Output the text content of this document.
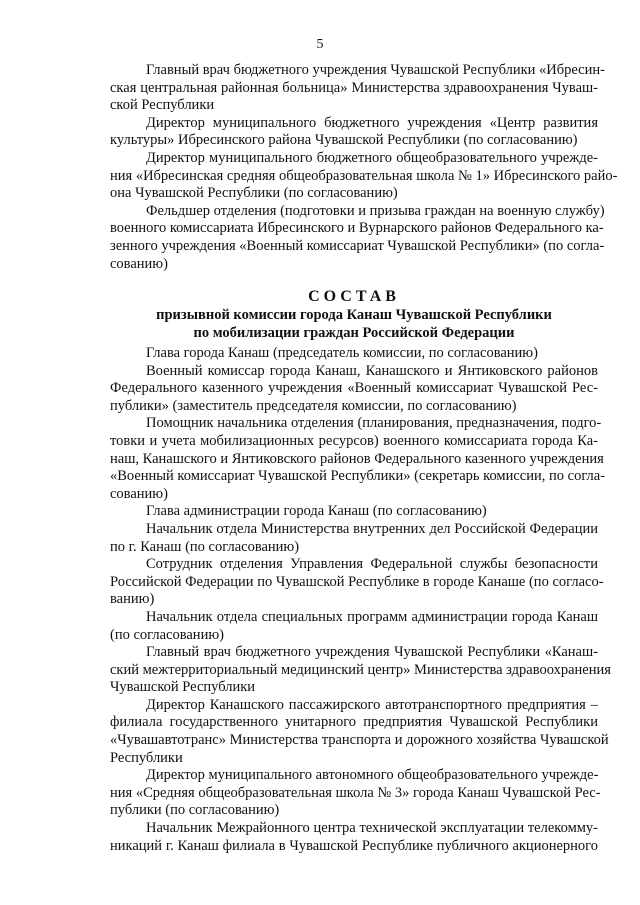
5

Главный врач бюджетного учреждения Чувашской Республики «Ибресин-
ская центральная районная больница» Министерства здравоохранения Чуваш-
ской Республики

Директор муниципального бюджетного учреждения «Центр развития
культуры» Ибресинского района Чувашской Республики (по согласованию)

Директор муниципального бюджетного общеобразовательного учрежде-
ния «Ибресинская средняя общеобразовательная школа № 1» Ибресинского райо-
она Чувашской Республики (по согласованию)

Фельдшер отделения (подготовки и призыва граждан на военную службу)
военного комиссариата Ибресинского и Вурнарского районов Федерального ка-
зенного учреждения «Военный комиссариат Чувашской Республики» (по согла-
сованию)

СОСТАВ
призывной комиссии города Канаш Чувашской Республики
по мобилизации граждан Российской Федерации

Глава города Канаш (председатель комиссии, по согласованию)

Военный комиссар города Канаш, Канашского и Янтиковского районов
Федерального казенного учреждения «Военный комиссариат Чувашской Рес-
публики» (заместитель председателя комиссии, по согласованию)

Помощник начальника отделения (планирования, предназначения, подго-
товки и учета мобилизационных ресурсов) военного комиссариата города Ка-
наш, Канашского и Янтиковского районов Федерального казенного учреждения
«Военный комиссариат Чувашской Республики» (секретарь комиссии, по согла-
сованию)

Глава администрации города Канаш (по согласованию)

Начальник отдела Министерства внутренних дел Российской Федерации
по г. Канаш (по согласованию)

Сотрудник отделения Управления Федеральной службы безопасности
Российской Федерации по Чувашской Республике в городе Канаше (по согласо-
ванию)

Начальник отдела специальных программ администрации города Канаш
(по согласованию)

Главный врач бюджетного учреждения Чувашской Республики «Канаш-
ский межтерриториальный медицинский центр» Министерства здравоохранения
Чувашской Республики

Директор Канашского пассажирского автотранспортного предприятия –
филиала государственного унитарного предприятия Чувашской Республики
«Чувашавтотранс» Министерства транспорта и дорожного хозяйства Чувашской
Республики

Директор муниципального автономного общеобразовательного учрежде-
ния «Средняя общеобразовательная школа № 3» города Канаш Чувашской Рес-
публики (по согласованию)

Начальник Межрайонного центра технической эксплуатации телекомму-
никаций г. Канаш филиала в Чувашской Республике публичного акционерного
